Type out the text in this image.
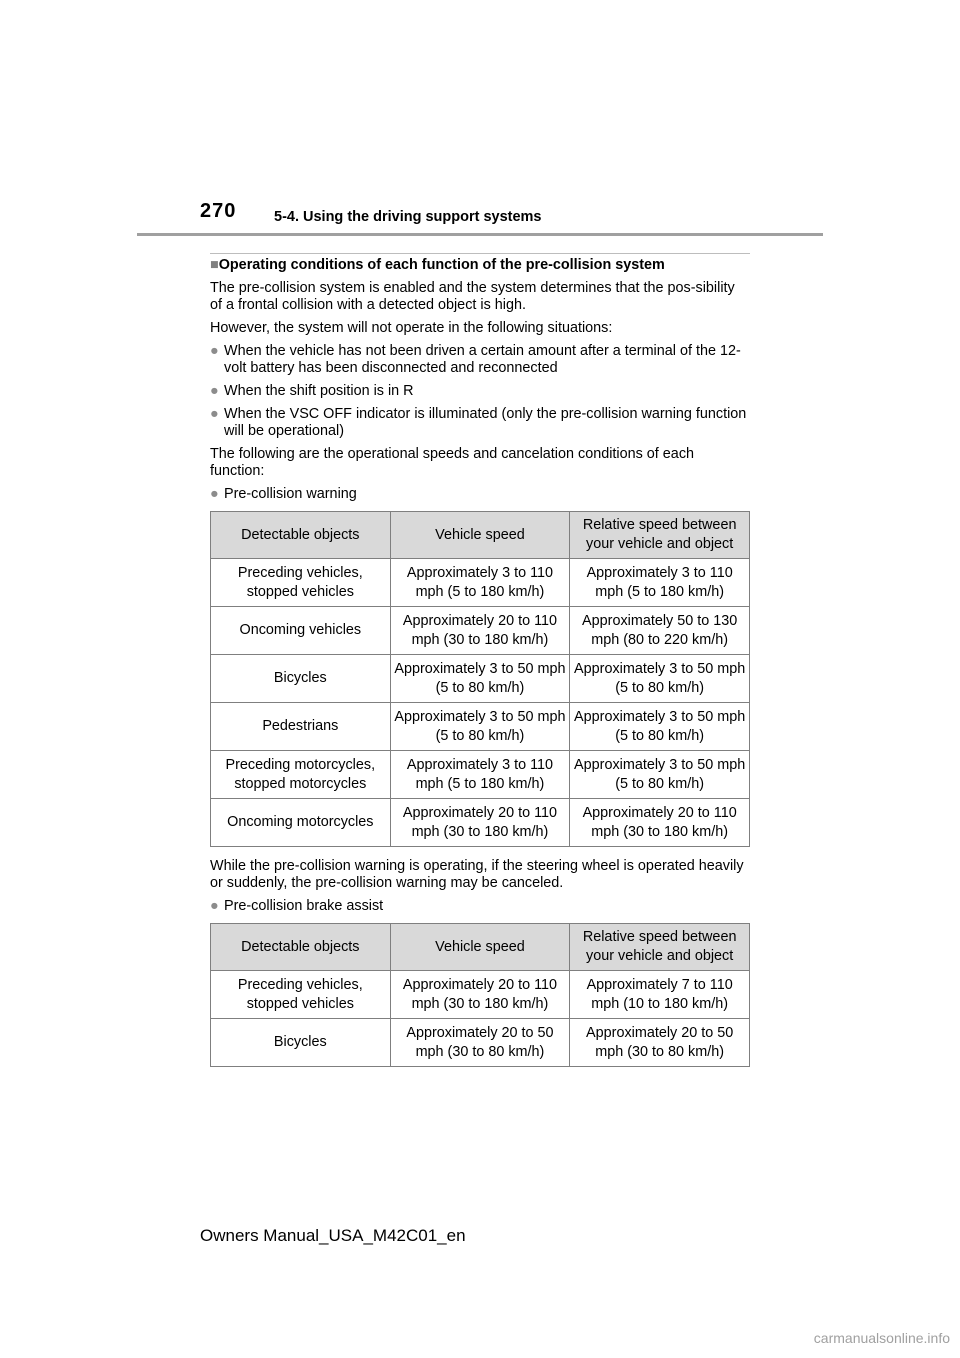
270	5-4. Using the driving support systems
■Operating conditions of each function of the pre-collision system

The pre-collision system is enabled and the system determines that the pos-sibility of a frontal collision with a detected object is high.

However, the system will not operate in the following situations:

● When the vehicle has not been driven a certain amount after a terminal of the 12-volt battery has been disconnected and reconnected
● When the shift position is in R
● When the VSC OFF indicator is illuminated (only the pre-collision warning function will be operational)

The following are the operational speeds and cancelation conditions of each function:

● Pre-collision warning
Detectable objects	Vehicle speed	Relative speed between your vehicle and object
Preceding vehicles, stopped vehicles	Approximately 3 to 110 mph (5 to 180 km/h)	Approximately 3 to 110 mph (5 to 180 km/h)
Oncoming vehicles	Approximately 20 to 110 mph (30 to 180 km/h)	Approximately 50 to 130 mph (80 to 220 km/h)
Bicycles	Approximately 3 to 50 mph (5 to 80 km/h)	Approximately 3 to 50 mph (5 to 80 km/h)
Pedestrians	Approximately 3 to 50 mph (5 to 80 km/h)	Approximately 3 to 50 mph (5 to 80 km/h)
Preceding motorcycles, stopped motorcycles	Approximately 3 to 110 mph (5 to 180 km/h)	Approximately 3 to 50 mph (5 to 80 km/h)
Oncoming motorcycles	Approximately 20 to 110 mph (30 to 180 km/h)	Approximately 20 to 110 mph (30 to 180 km/h)

While the pre-collision warning is operating, if the steering wheel is operated heavily or suddenly, the pre-collision warning may be canceled.

● Pre-collision brake assist
Detectable objects	Vehicle speed	Relative speed between your vehicle and object
Preceding vehicles, stopped vehicles	Approximately 20 to 110 mph (30 to 180 km/h)	Approximately 7 to 110 mph (10 to 180 km/h)
Bicycles	Approximately 20 to 50 mph (30 to 80 km/h)	Approximately 20 to 50 mph (30 to 80 km/h)
Owners Manual_USA_M42C01_en
carmanualsonline.info
